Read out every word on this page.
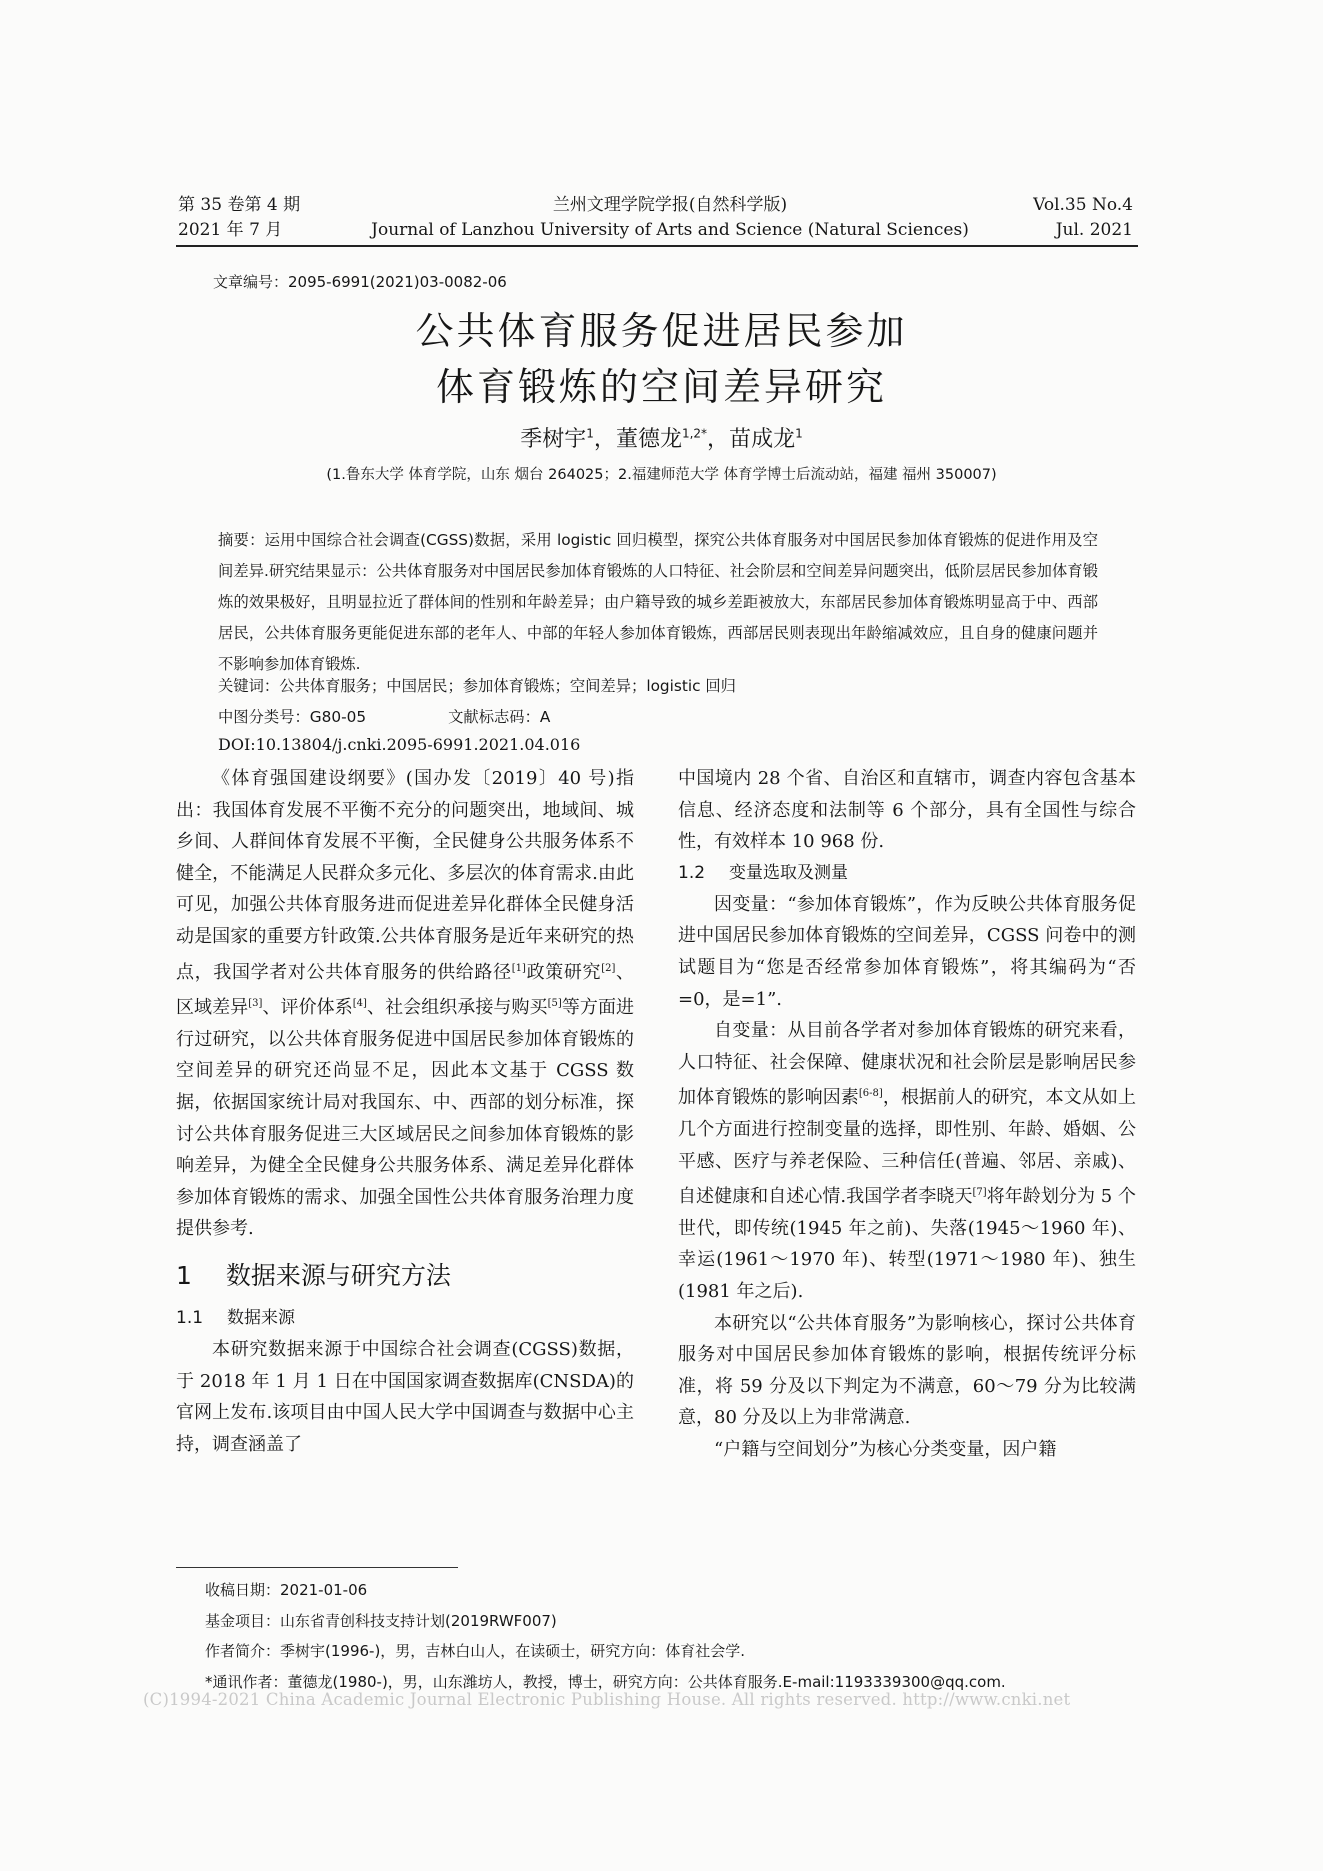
第 35 卷第 4 期
2021 年 7 月
兰州文理学院学报(自然科学版)
Journal of Lanzhou University of Arts and Science (Natural Sciences)
Vol.35 No.4
Jul. 2021
文章编号：2095-6991(2021)03-0082-06
公共体育服务促进居民参加
体育锻炼的空间差异研究
季树宇$^1$，董德龙$^{1,2*}$，苗成龙$^1$
(1.鲁东大学 体育学院，山东 烟台 264025；2.福建师范大学 体育学博士后流动站，福建 福州 350007)

摘要：运用中国综合社会调查(CGSS)数据，采用 logistic 回归模型，探究公共体育服务对中国居民参加体育锻炼的促进作用及空间差异.研究结果显示：公共体育服务对中国居民参加体育锻炼的人口特征、社会阶层和空间差异问题突出，低阶层居民参加体育锻炼的效果极好，且明显拉近了群体间的性别和年龄差异；由户籍导致的城乡差距被放大，东部居民参加体育锻炼明显高于中、西部居民，公共体育服务更能促进东部的老年人、中部的年轻人参加体育锻炼，西部居民则表现出年龄缩减效应，且自身的健康问题并不影响参加体育锻炼.

关键词：公共体育服务；中国居民；参加体育锻炼；空间差异；logistic 回归
中图分类号：G80-05	文献标志码：A
DOI:10.13804/j.cnki.2095-6991.2021.04.016

《体育强国建设纲要》(国办发〔2019〕40 号)指出：我国体育发展不平衡不充分的问题突出，地域间、城乡间、人群间体育发展不平衡，全民健身公共服务体系不健全，不能满足人民群众多元化、多层次的体育需求.由此可见，加强公共体育服务进而促进差异化群体全民健身活动是国家的重要方针政策.公共体育服务是近年来研究的热点，我国学者对公共体育服务的供给路径[1]政策研究[2]、区域差异[3]、评价体系[4]、社会组织承接与购买[5]等方面进行过研究，以公共体育服务促进中国居民参加体育锻炼的空间差异的研究还尚显不足，因此本文基于 CGSS 数据，依据国家统计局对我国东、中、西部的划分标准，探讨公共体育服务促进三大区域居民之间参加体育锻炼的影响差异，为健全全民健身公共服务体系、满足差异化群体参加体育锻炼的需求、加强全国性公共体育服务治理力度提供参考.

1 数据来源与研究方法
1.1 数据来源

本研究数据来源于中国综合社会调查(CGSS)数据，于 2018 年 1 月 1 日在中国国家调查数据库(CNSDA)的官网上发布.该项目由中国人民大学中国调查与数据中心主持，调查涵盖了

中国境内 28 个省、自治区和直辖市，调查内容包含基本信息、经济态度和法制等 6 个部分，具有全国性与综合性，有效样本 10 968 份.

1.2 变量选取及测量

因变量：“参加体育锻炼”，作为反映公共体育服务促进中国居民参加体育锻炼的空间差异，CGSS 问卷中的测试题目为“您是否经常参加体育锻炼”，将其编码为“否=0，是=1”.

自变量：从目前各学者对参加体育锻炼的研究来看，人口特征、社会保障、健康状况和社会阶层是影响居民参加体育锻炼的影响因素[6-8]，根据前人的研究，本文从如上几个方面进行控制变量的选择，即性别、年龄、婚姻、公平感、医疗与养老保险、三种信任(普遍、邻居、亲戚)、自述健康和自述心情.我国学者李晓天[7]将年龄划分为 5 个世代，即传统(1945 年之前)、失落(1945～1960 年)、幸运(1961～1970 年)、转型(1971～1980 年)、独生(1981 年之后).

本研究以“公共体育服务”为影响核心，探讨公共体育服务对中国居民参加体育锻炼的影响，根据传统评分标准，将 59 分及以下判定为不满意，60～79 分为比较满意，80 分及以上为非常满意.

“户籍与空间划分”为核心分类变量，因户籍

收稿日期：2021-01-06
基金项目：山东省青创科技支持计划(2019RWF007)
作者简介：季树宇(1996-)，男，吉林白山人，在读硕士，研究方向：体育社会学.
*通讯作者：董德龙(1980-)，男，山东潍坊人，教授，博士，研究方向：公共体育服务.E-mail:1193339300@qq.com.
(C)1994-2021 China Academic Journal Electronic Publishing House. All rights reserved. http://www.cnki.net
